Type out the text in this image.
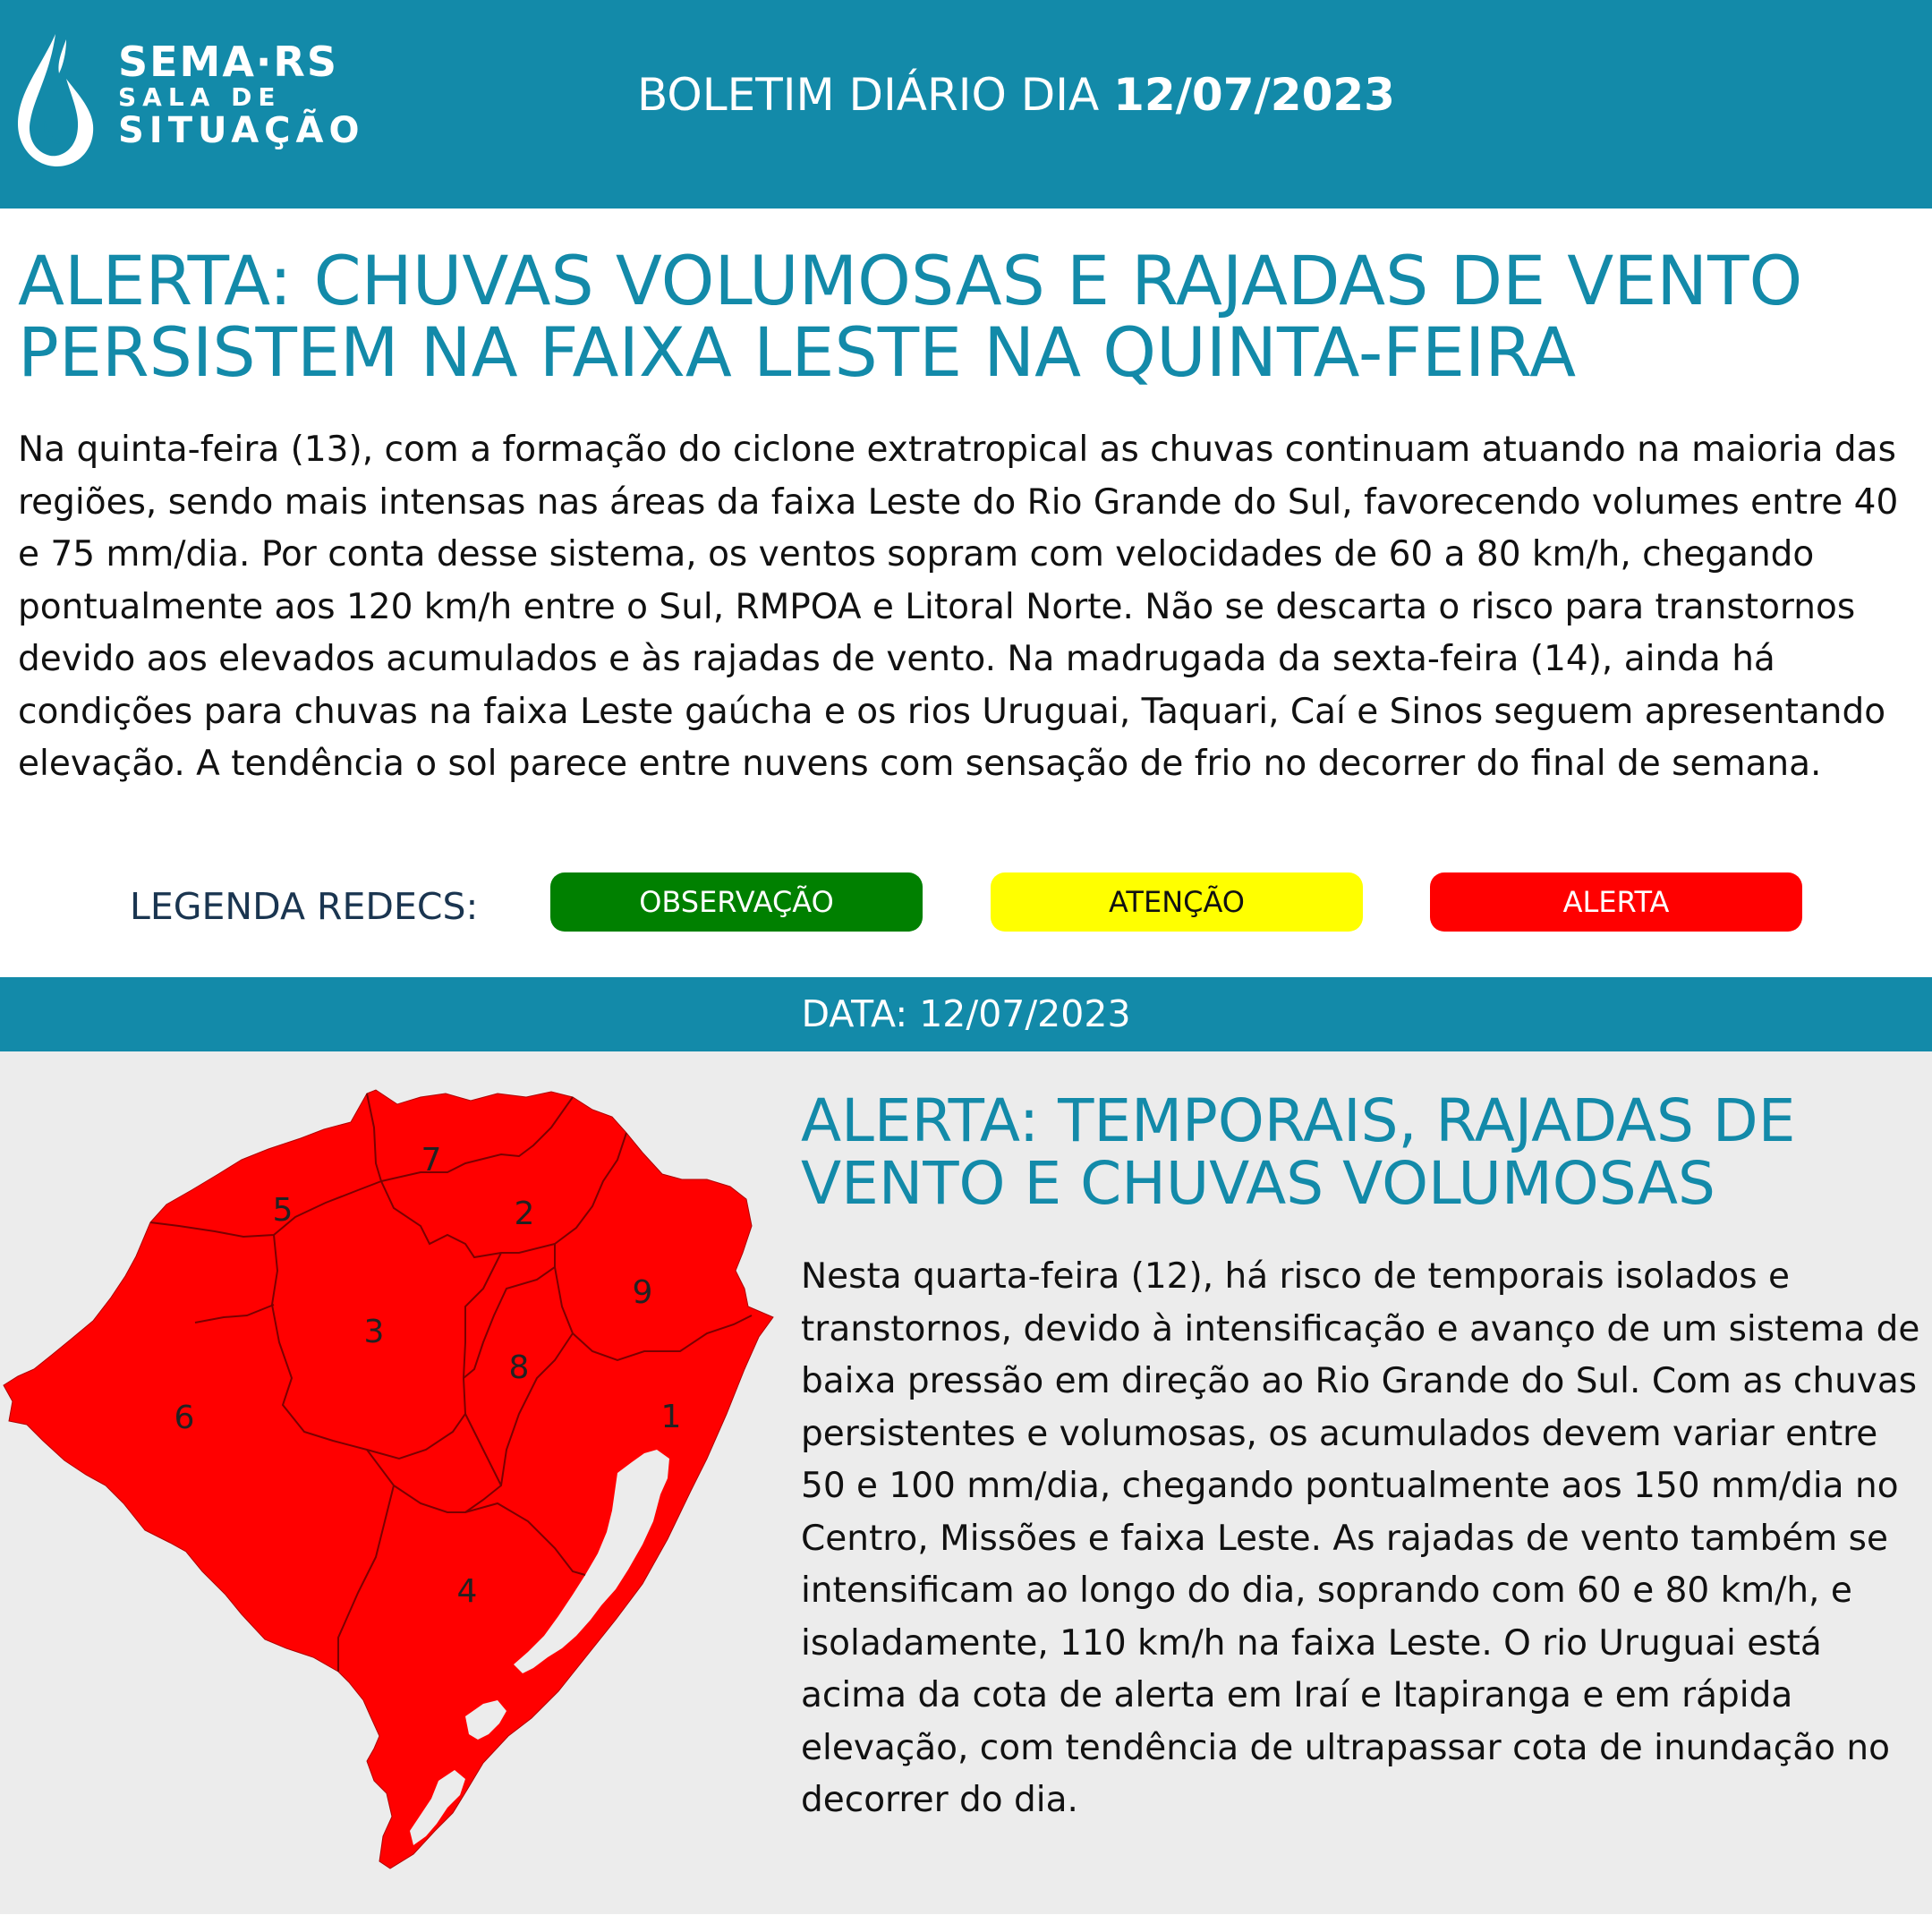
SEMA·RS
SALA DE
SITUAÇÃO
BOLETIM DIÁRIO DIA 12/07/2023
ALERTA: CHUVAS VOLUMOSAS E RAJADAS DE VENTO PERSISTEM NA FAIXA LESTE NA QUINTA-FEIRA

Na quinta-feira (13), com a formação do ciclone extratropical as chuvas continuam atuando na maioria das regiões, sendo mais intensas nas áreas da faixa Leste do Rio Grande do Sul, favorecendo volumes entre 40 e 75 mm/dia. Por conta desse sistema, os ventos sopram com velocidades de 60 a 80 km/h, chegando pontualmente aos 120 km/h entre o Sul, RMPOA e Litoral Norte. Não se descarta o risco para transtornos devido aos elevados acumulados e às rajadas de vento. Na madrugada da sexta-feira (14), ainda há condições para chuvas na faixa Leste gaúcha e os rios Uruguai, Taquari, Caí e Sinos seguem apresentando elevação. A tendência o sol parece entre nuvens com sensação de frio no decorrer do final de semana.

LEGENDA REDECS:	OBSERVAÇÃO	ATENÇÃO	ALERTA
DATA: 12/07/2023
1
2
3
4
5
6
7
8
9
ALERTA: TEMPORAIS, RAJADAS DE VENTO E CHUVAS VOLUMOSAS

Nesta quarta-feira (12), há risco de temporais isolados e transtornos, devido à intensificação e avanço de um sistema de baixa pressão em direção ao Rio Grande do Sul. Com as chuvas persistentes e volumosas, os acumulados devem variar entre 50 e 100 mm/dia, chegando pontualmente aos 150 mm/dia no Centro, Missões e faixa Leste. As rajadas de vento também se intensificam ao longo do dia, soprando com 60 e 80 km/h, e isoladamente, 110 km/h na faixa Leste. O rio Uruguai está acima da cota de alerta em Iraí e Itapiranga e em rápida elevação, com tendência de ultrapassar cota de inundação no decorrer do dia.
